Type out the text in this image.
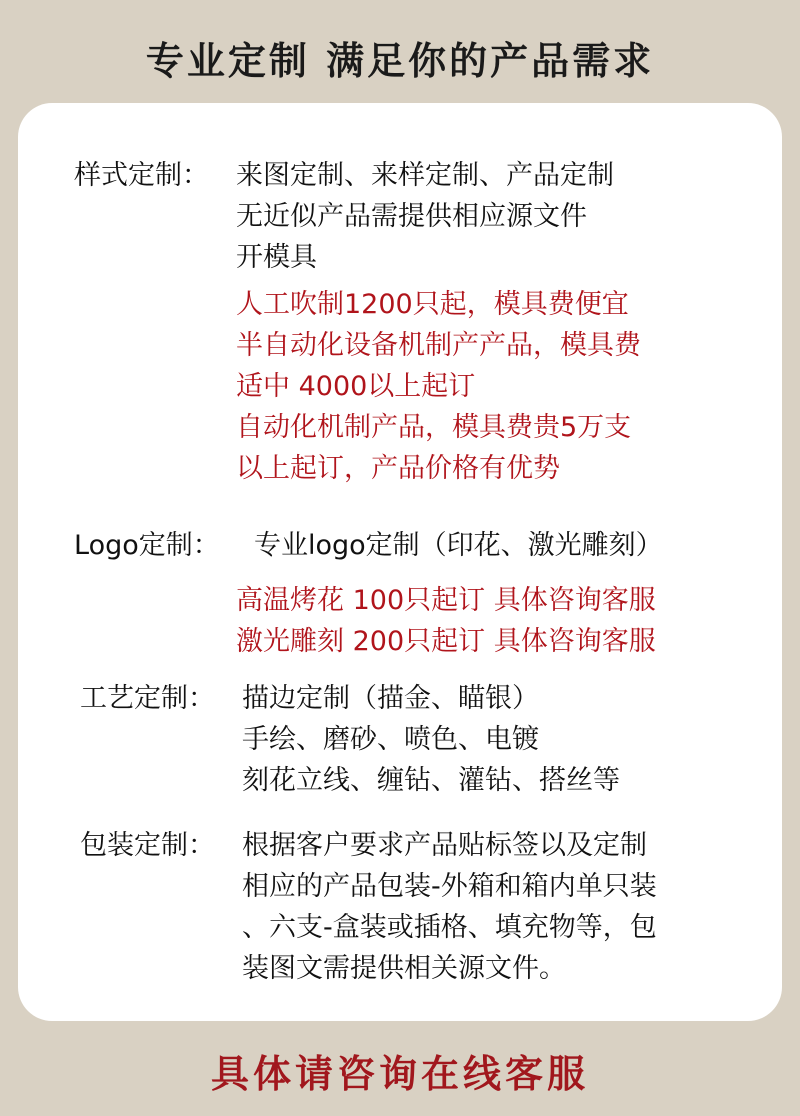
专业定制 满足你的产品需求
样式定制： 来图定制、来样定制、产品定制
无近似产品需提供相应源文件
开模具
人工吹制1200只起，模具费便宜
半自动化设备机制产产品，模具费
适中 4000以上起订
自动化机制产品，模具费贵5万支
以上起订，产品价格有优势
Logo定制： 专业logo定制（印花、激光雕刻）
高温烤花 100只起订 具体咨询客服
激光雕刻 200只起订 具体咨询客服
工艺定制： 描边定制（描金、瞄银）
手绘、磨砂、喷色、电镀
刻花立线、缠钻、灌钻、搭丝等
包装定制： 根据客户要求产品贴标签以及定制
相应的产品包装-外箱和箱内单只装
、六支-盒装或插格、填充物等，包
装图文需提供相关源文件。
具体请咨询在线客服
